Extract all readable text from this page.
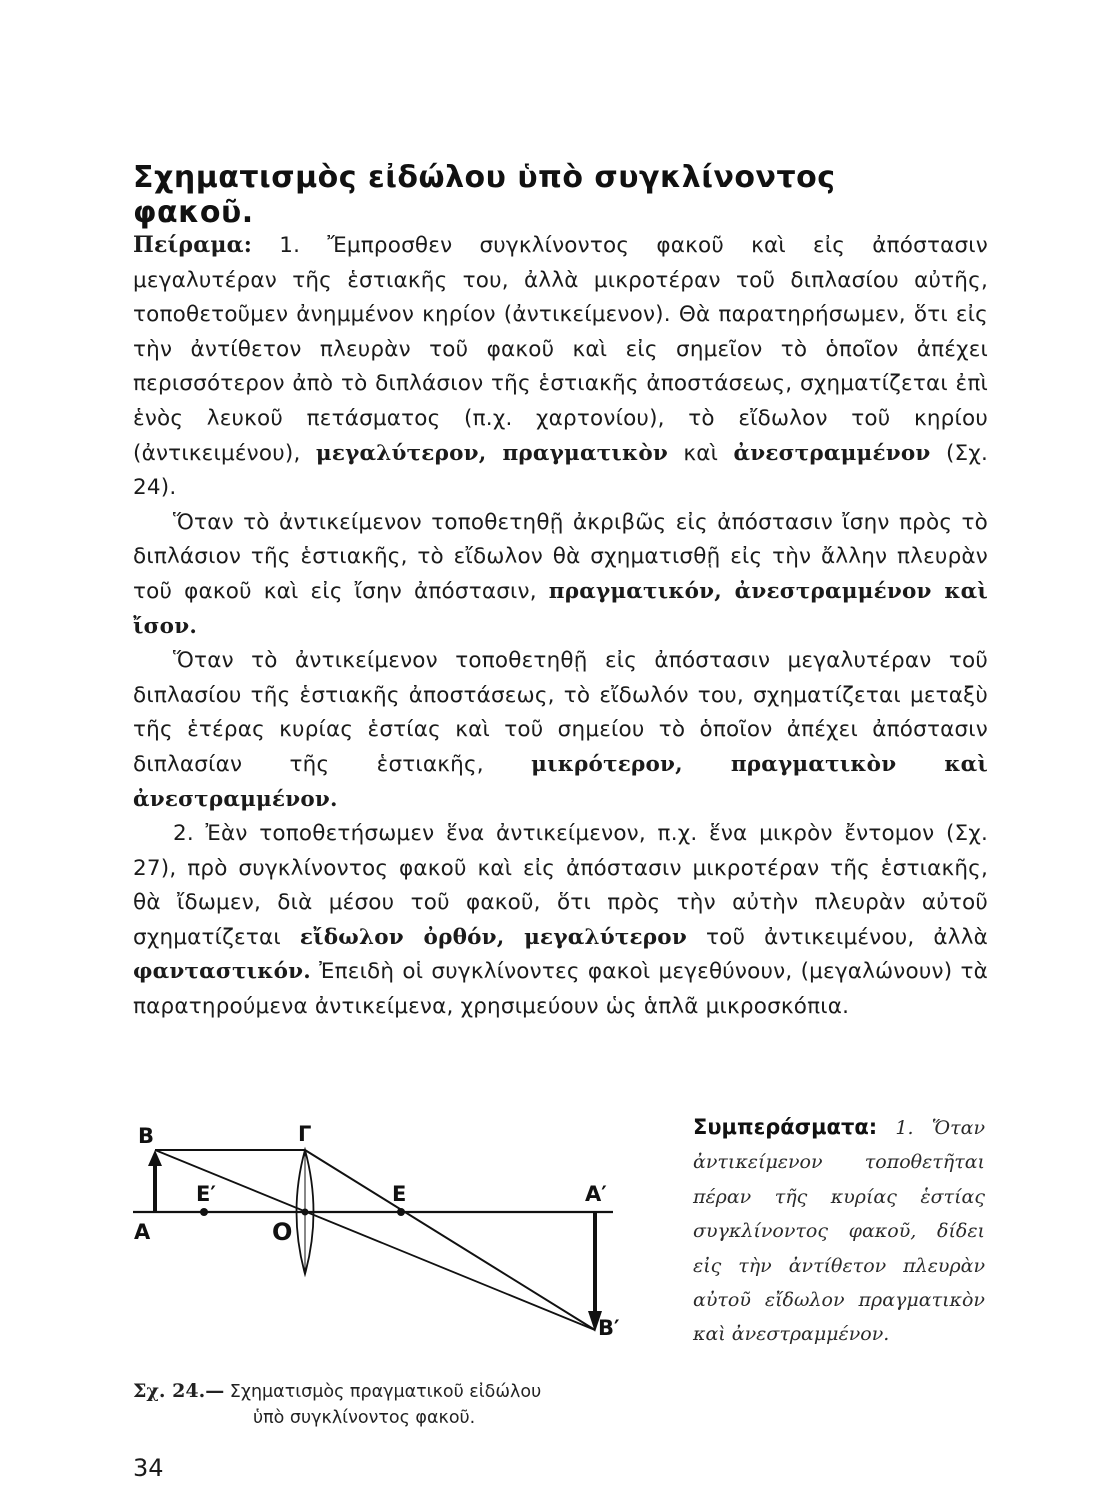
Σχηματισμὸς εἰδώλου ὑπὸ συγκλίνοντος φακοῦ.

Πείραμα: 1. Ἔμπροσθεν συγκλίνοντος φακοῦ καὶ εἰς ἀπόστασιν μεγαλυτέραν τῆς ἑστιακῆς του, ἀλλὰ μικροτέραν τοῦ διπλασίου αὐτῆς, τοποθετοῦμεν ἀνημμένον κηρίον (ἀντικείμενον). Θὰ παρατηρήσωμεν, ὅτι εἰς τὴν ἀντίθετον πλευρὰν τοῦ φακοῦ καὶ εἰς σημεῖον τὸ ὁποῖον ἀπέχει περισσότερον ἀπὸ τὸ διπλάσιον τῆς ἑστιακῆς ἀποστάσεως, σχηματίζεται ἐπὶ ἑνὸς λευκοῦ πετάσματος (π.χ. χαρτονίου), τὸ εἴδωλον τοῦ κηρίου (ἀντικειμένου), μεγαλύτερον, πραγματικὸν καὶ ἀνεστραμμένον (Σχ. 24).

Ὅταν τὸ ἀντικείμενον τοποθετηθῇ ἀκριβῶς εἰς ἀπόστασιν ἴσην πρὸς τὸ διπλάσιον τῆς ἑστιακῆς, τὸ εἴδωλον θὰ σχηματισθῇ εἰς τὴν ἄλλην πλευρὰν τοῦ φακοῦ καὶ εἰς ἴσην ἀπόστασιν, πραγματικόν, ἀνεστραμμένον καὶ ἴσον.

Ὅταν τὸ ἀντικείμενον τοποθετηθῇ εἰς ἀπόστασιν μεγαλυτέραν τοῦ διπλασίου τῆς ἑστιακῆς ἀποστάσεως, τὸ εἴδωλόν του, σχηματίζεται μεταξὺ τῆς ἑτέρας κυρίας ἑστίας καὶ τοῦ σημείου τὸ ὁποῖον ἀπέχει ἀπόστασιν διπλασίαν τῆς ἑστιακῆς, μικρότερον, πραγματικὸν καὶ ἀνεστραμμένον.

2. Ἐὰν τοποθετήσωμεν ἕνα ἀντικείμενον, π.χ. ἕνα μικρὸν ἔντομον (Σχ. 27), πρὸ συγκλίνοντος φακοῦ καὶ εἰς ἀπόστασιν μικροτέραν τῆς ἑστιακῆς, θὰ ἴδωμεν, διὰ μέσου τοῦ φακοῦ, ὅτι πρὸς τὴν αὐτὴν πλευρὰν αὐτοῦ σχηματίζεται εἴδωλον ὀρθόν, μεγαλύτερον τοῦ ἀντικειμένου, ἀλλὰ φανταστικόν. Ἐπειδὴ οἱ συγκλίνοντες φακοὶ μεγεθύνουν, (μεγαλώνουν) τὰ παρατηρούμενα ἀντικείμενα, χρησιμεύουν ὡς ἁπλᾶ μικροσκόπια.

B	Γ
A
E′
O
E	A′
B′
Σχ. 24.— Σχηματισμὸς πραγματικοῦ εἰδώλου
ὑπὸ συγκλίνοντος φακοῦ.
Συμπεράσματα: 1. Ὅταν ἀντικείμενον τοποθετῆται πέραν τῆς κυρίας ἑστίας συγκλίνοντος φακοῦ, δίδει εἰς τὴν ἀντίθετον πλευρὰν αὐτοῦ εἴδωλον πραγματικὸν καὶ ἀνεστραμμένον.
34
